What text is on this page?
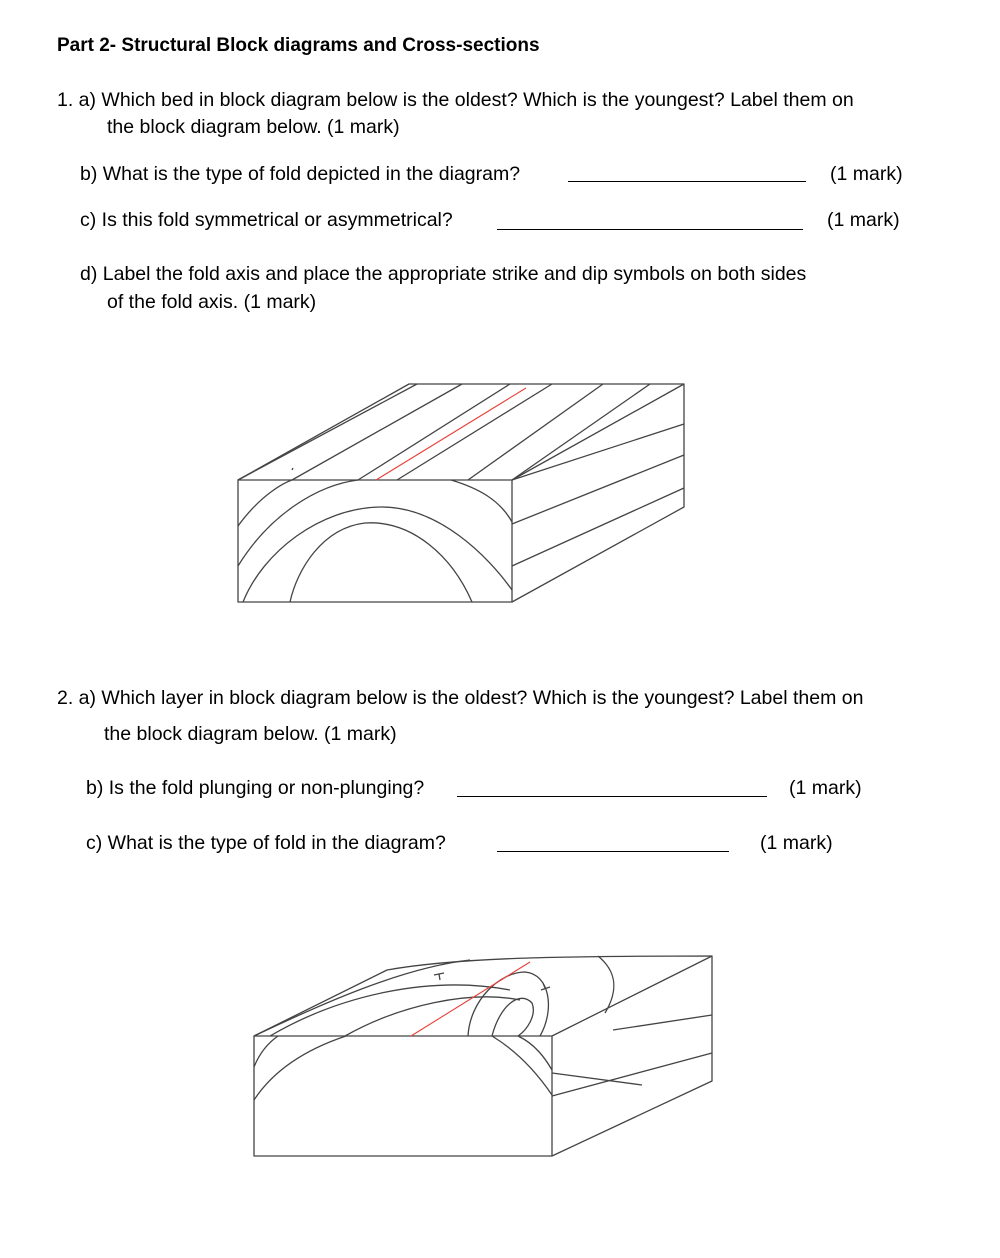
Part 2- Structural Block diagrams and Cross-sections
1. a) Which bed in block diagram below is the oldest? Which is the youngest? Label them on
the block diagram below. (1 mark)
b) What is the type of fold depicted in the diagram?	(1 mark)
c) Is this fold symmetrical or asymmetrical?	(1 mark)
d) Label the fold axis and place the appropriate strike and dip symbols on both sides
of the fold axis. (1 mark)
2. a) Which layer in block diagram below is the oldest? Which is the youngest? Label them on
the block diagram below. (1 mark)
b) Is the fold plunging or non-plunging?	(1 mark)
c) What is the type of fold in the diagram?	(1 mark)
